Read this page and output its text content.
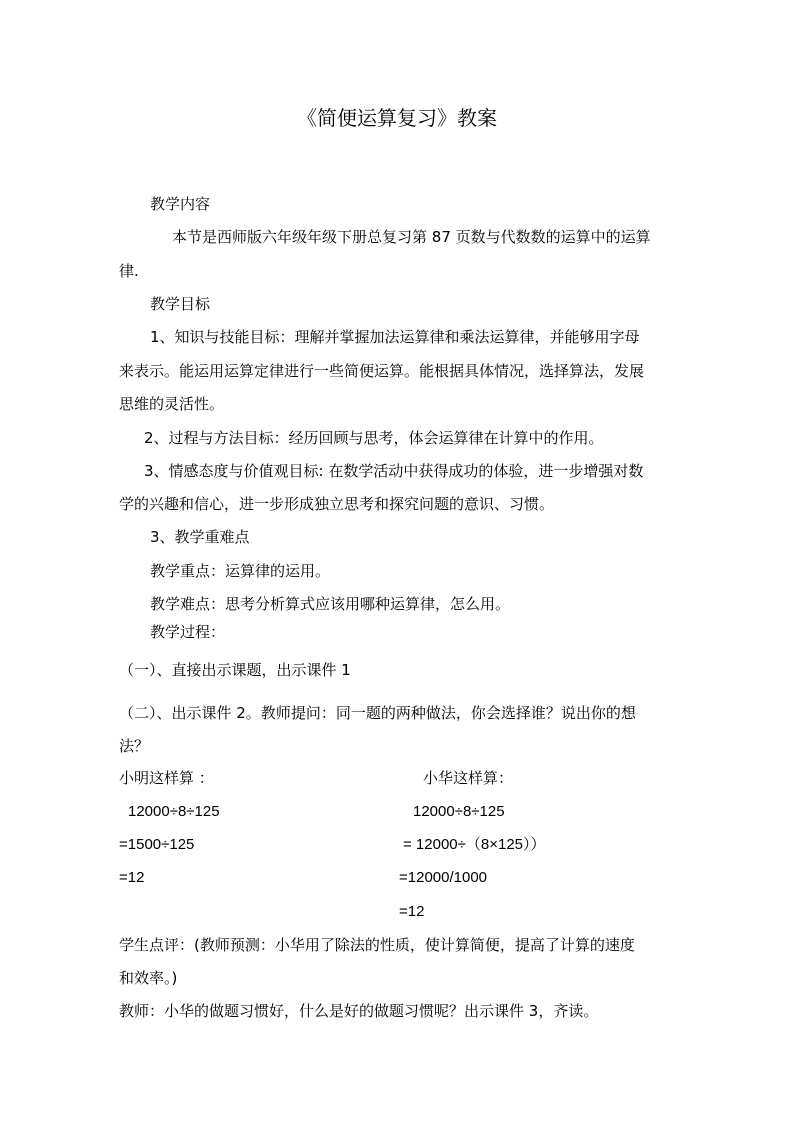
《简便运算复习》教案
教学内容
本节是西师版六年级年级下册总复习第 87 页数与代数数的运算中的运算
律.
教学目标
1、知识与技能目标：理解并掌握加法运算律和乘法运算律，并能够用字母
来表示。能运用运算定律进行一些简便运算。能根据具体情况，选择算法，发展
思维的灵活性。
2、过程与方法目标：经历回顾与思考，体会运算律在计算中的作用。
3、情感态度与价值观目标: 在数学活动中获得成功的体验，进一步增强对数
学的兴趣和信心，进一步形成独立思考和探究问题的意识、习惯。
3、教学重难点
教学重点：运算律的运用。
教学难点：思考分析算式应该用哪种运算律，怎么用。
教学过程：
（一）、直接出示课题，出示课件 1
（二）、出示课件 2。教师提问：同一题的两种做法，你会选择谁？说出你的想
法？
小明这样算 ：
12000÷8÷125
=1500÷125
=12
小华这样算：
12000÷8÷125
= 12000÷（8×125））
=12000/1000
=12
学生点评：(教师预测：小华用了除法的性质，使计算简便，提高了计算的速度
和效率。)
教师：小华的做题习惯好，什么是好的做题习惯呢？出示课件 3，齐读。
